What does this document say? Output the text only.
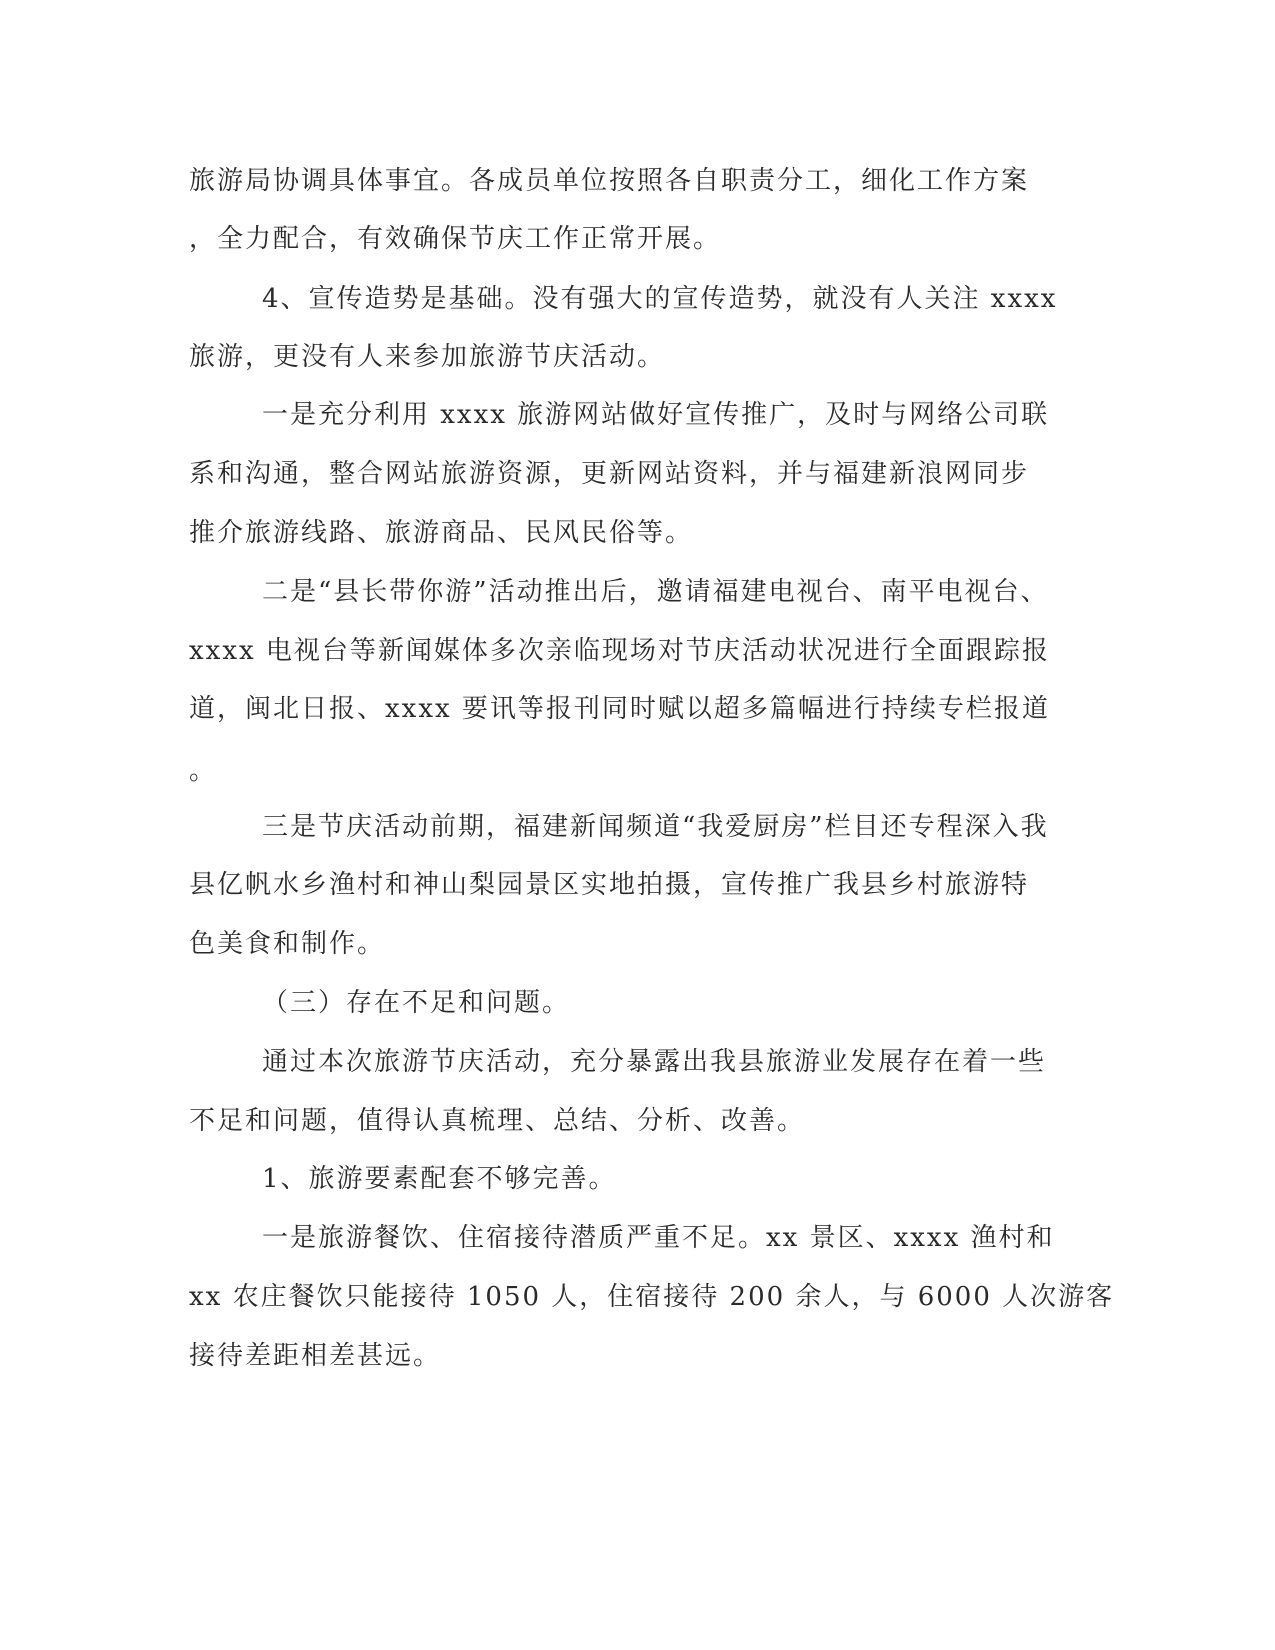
旅游局协调具体事宜。各成员单位按照各自职责分工，细化工作方案

，全力配合，有效确保节庆工作正常开展。

4、宣传造势是基础。没有强大的宣传造势，就没有人关注 xxxx

旅游，更没有人来参加旅游节庆活动。

一是充分利用 xxxx 旅游网站做好宣传推广，及时与网络公司联

系和沟通，整合网站旅游资源，更新网站资料，并与福建新浪网同步

推介旅游线路、旅游商品、民风民俗等。

二是“县长带你游”活动推出后，邀请福建电视台、南平电视台、

xxxx 电视台等新闻媒体多次亲临现场对节庆活动状况进行全面跟踪报

道，闽北日报、xxxx 要讯等报刊同时赋以超多篇幅进行持续专栏报道

。

三是节庆活动前期，福建新闻频道“我爱厨房”栏目还专程深入我

县亿帆水乡渔村和神山梨园景区实地拍摄，宣传推广我县乡村旅游特

色美食和制作。

（三）存在不足和问题。

通过本次旅游节庆活动，充分暴露出我县旅游业发展存在着一些

不足和问题，值得认真梳理、总结、分析、改善。

1、旅游要素配套不够完善。

一是旅游餐饮、住宿接待潜质严重不足。xx 景区、xxxx 渔村和

xx 农庄餐饮只能接待 1050 人，住宿接待 200 余人，与 6000 人次游客

接待差距相差甚远。
